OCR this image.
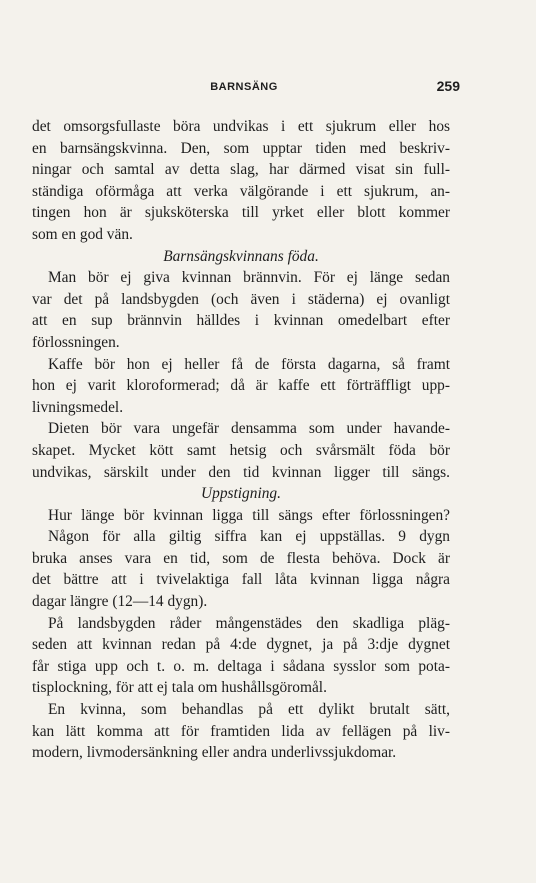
BARNSÄNG	259
det omsorgsfullaste böra undvikas i ett sjukrum eller hos
en barnsängskvinna. Den, som upptar tiden med beskriv-
ningar och samtal av detta slag, har därmed visat sin full-
ständiga oförmåga att verka välgörande i ett sjukrum, an-
tingen hon är sjuksköterska till yrket eller blott kommer
som en god vän.
Barnsängskvinnans föda.
Man bör ej giva kvinnan brännvin. För ej länge sedan
var det på landsbygden (och även i städerna) ej ovanligt
att en sup brännvin hälldes i kvinnan omedelbart efter
förlossningen.
Kaffe bör hon ej heller få de första dagarna, så framt
hon ej varit kloroformerad; då är kaffe ett förträffligt upp-
livningsmedel.
Dieten bör vara ungefär densamma som under havande-
skapet. Mycket kött samt hetsig och svårsmält föda bör
undvikas, särskilt under den tid kvinnan ligger till sängs.
Uppstigning.
Hur länge bör kvinnan ligga till sängs efter förlossningen?
Någon för alla giltig siffra kan ej uppställas. 9 dygn
bruka anses vara en tid, som de flesta behöva. Dock är
det bättre att i tvivelaktiga fall låta kvinnan ligga några
dagar längre (12—14 dygn).
På landsbygden råder mångenstädes den skadliga pläg-
seden att kvinnan redan på 4:de dygnet, ja på 3:dje dygnet
får stiga upp och t. o. m. deltaga i sådana sysslor som pota-
tisplockning, för att ej tala om hushållsgöromål.
En kvinna, som behandlas på ett dylikt brutalt sätt,
kan lätt komma att för framtiden lida av fellägen på liv-
modern, livmodersänkning eller andra underlivssjukdomar.
